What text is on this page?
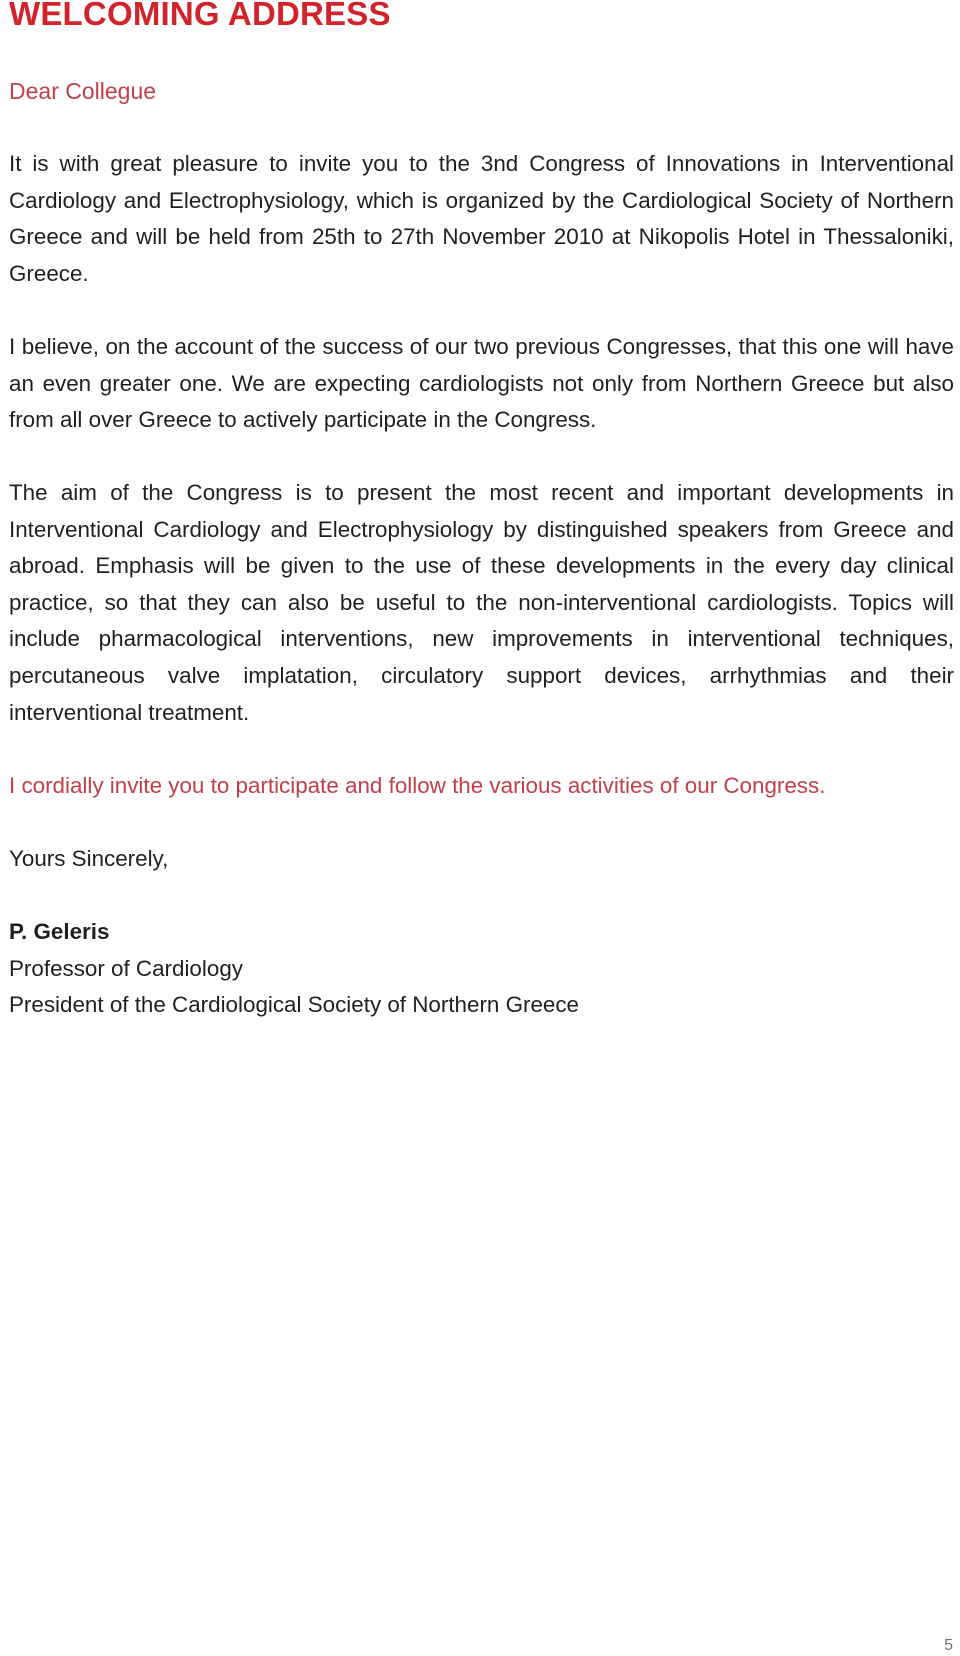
WELCOMING ADDRESS

Dear Collegue

It is with great pleasure to invite you to the 3nd Congress of Innovations in Interventional Cardiology and Electrophysiology, which is organized by the Cardiological Society of Northern Greece and will be held from 25th to 27th November 2010 at Nikopolis Hotel in Thessaloniki, Greece.

I believe, on the account of the success of our two previous Congresses, that this one will have an even greater one. We are expecting cardiologists not only from Northern Greece but also from all over Greece to actively participate in the Congress.

The aim of the Congress is to present the most recent and important developments in Interventional Cardiology and Electrophysiology by distinguished speakers from Greece and abroad. Emphasis will be given to the use of these developments in the every day clinical practice, so that they can also be useful to the non-interventional cardiologists. Topics will include pharmacological interventions, new improvements in interventional techniques, percutaneous valve implatation, circulatory support devices, arrhythmias and their interventional treatment.

I cordially invite you to participate and follow the various activities of our Congress.

Yours Sincerely,

P. Geleris
Professor of Cardiology
President of the Cardiological Society of Northern Greece
5
